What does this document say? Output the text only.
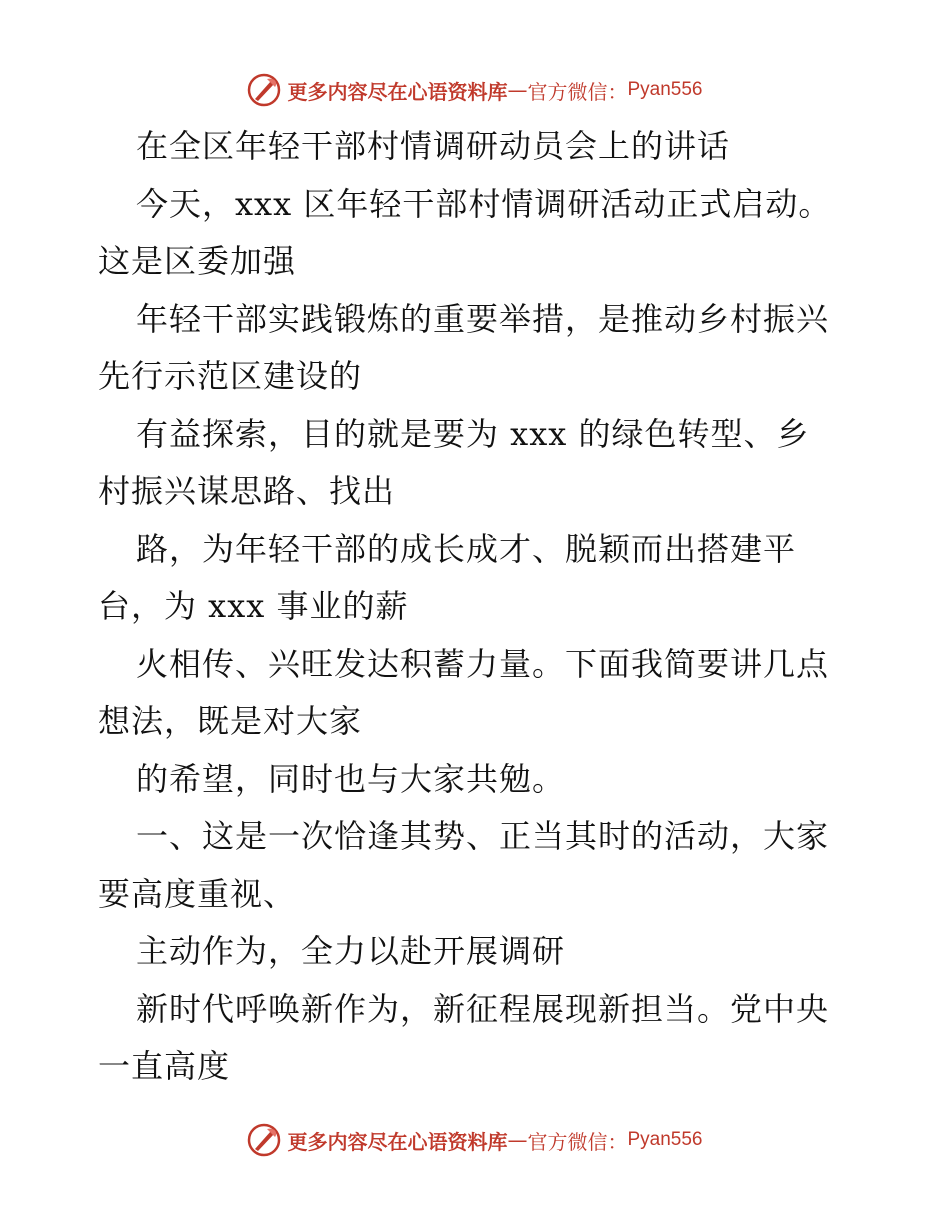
更多内容尽在心语资料库 — 官方微信： Pyan556
在全区年轻干部村情调研动员会上的讲话
今天，xxx 区年轻干部村情调研活动正式启动。
这是区委加强
年轻干部实践锻炼的重要举措，是推动乡村振兴
先行示范区建设的
有益探索，目的就是要为 xxx 的绿色转型、乡
村振兴谋思路、找出
路，为年轻干部的成长成才、脱颖而出搭建平
台，为 xxx 事业的薪
火相传、兴旺发达积蓄力量。下面我简要讲几点
想法，既是对大家
的希望，同时也与大家共勉。
一、这是一次恰逢其势、正当其时的活动，大家
要高度重视、
主动作为，全力以赴开展调研
新时代呼唤新作为，新征程展现新担当。党中央
一直高度
更多内容尽在心语资料库 — 官方微信： Pyan556
